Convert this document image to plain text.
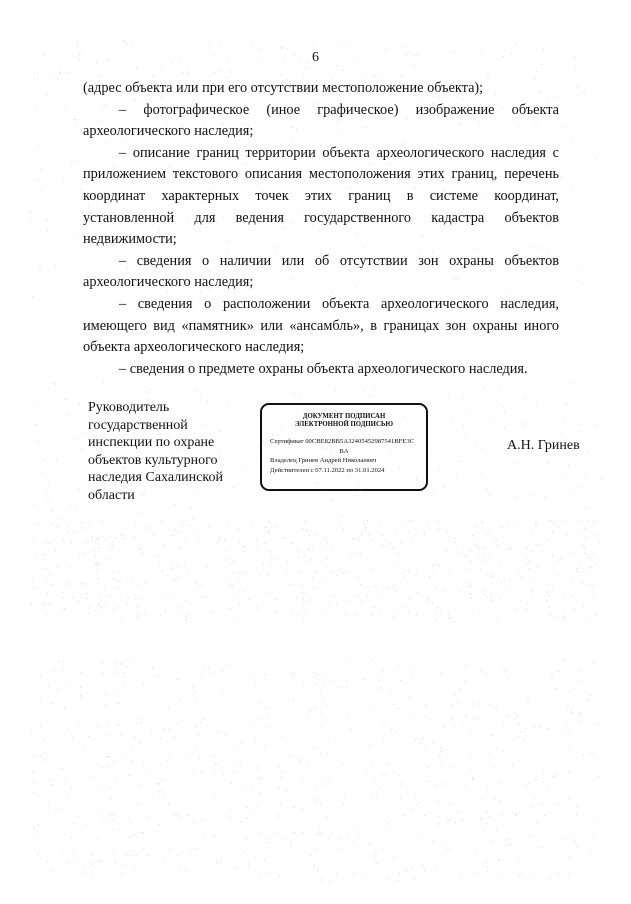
6

(адрес объекта или при его отсутствии местоположение объекта);

– фотографическое (иное графическое) изображение объекта археологического наследия;

– описание границ территории объекта археологического наследия с приложением текстового описания местоположения этих границ, перечень координат характерных точек этих границ в системе координат, установленной для ведения государственного кадастра объектов недвижимости;

– сведения о наличии или об отсутствии зон охраны объектов археологического наследия;

– сведения о расположении объекта археологического наследия, имеющего вид «памятник» или «ансамбль», в границах зон охраны иного объекта археологического наследия;

– сведения о предмете охраны объекта археологического наследия.

Руководитель
государственной
инспекции по охране
объектов культурного
наследия Сахалинской
области
ДОКУМЕНТ ПОДПИСАН
ЭЛЕКТРОННОЙ ПОДПИСЬЮ
Сертификат 00CBE82BB5A32405452987541BFE3C
BA
Владелец Гринев Андрей Николаевич
Действителен с 07.11.2022 по 31.01.2024
А.Н. Гринев
